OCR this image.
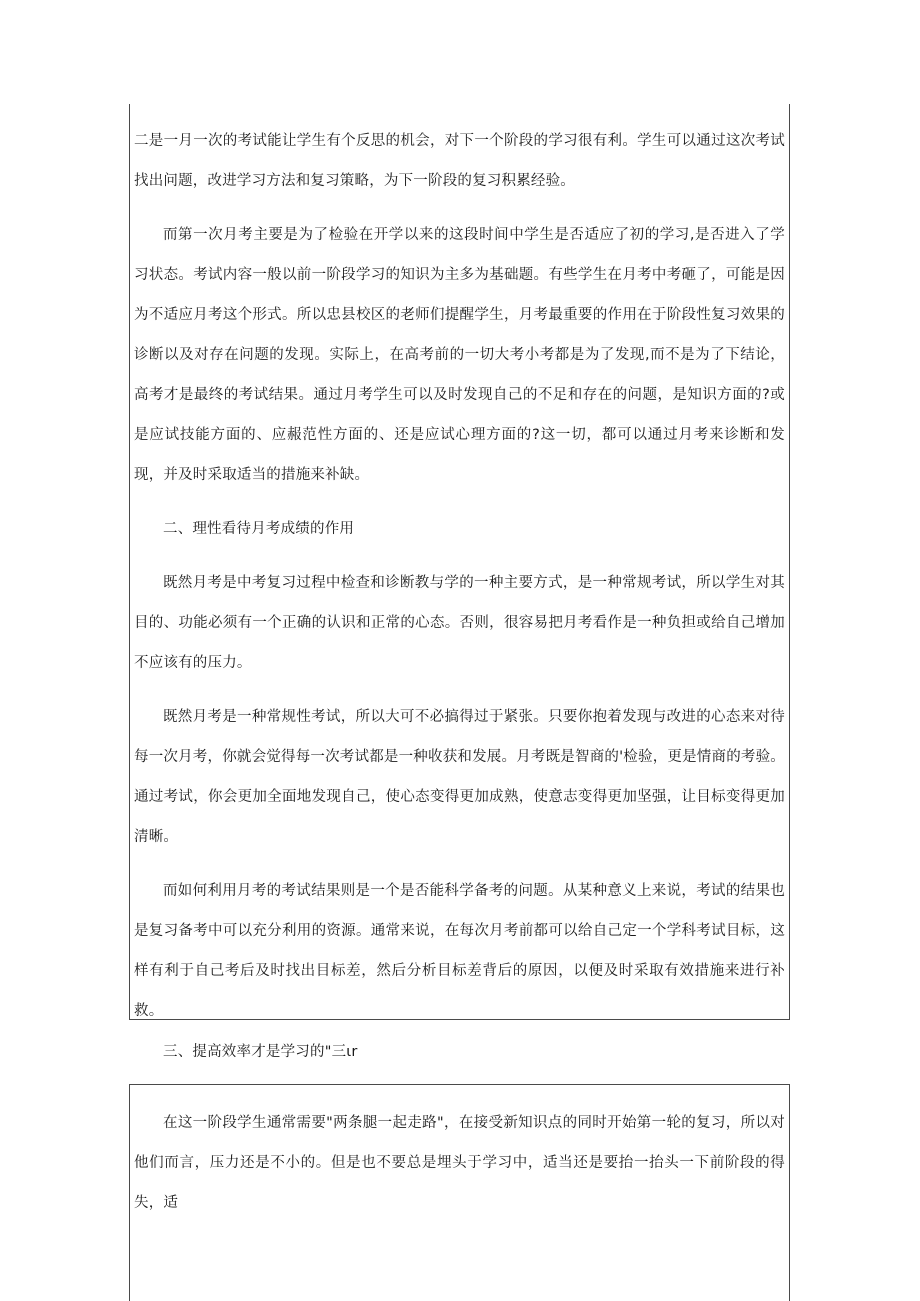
二是一月一次的考试能让学生有个反思的机会，对下一个阶段的学习很有利。学生可以通过这次考试找出问题，改进学习方法和复习策略，为下一阶段的复习积累经验。

而第一次月考主要是为了检验在开学以来的这段时间中学生是否适应了初的学习,是否进入了学习状态。考试内容一般以前一阶段学习的知识为主多为基础题。有些学生在月考中考砸了，可能是因为不适应月考这个形式。所以忠县校区的老师们提醒学生，月考最重要的作用在于阶段性复习效果的诊断以及对存在问题的发现。实际上，在高考前的一切大考小考都是为了发现,而不是为了下结论，高考才是最终的考试结果。通过月考学生可以及时发现自己的不足和存在的问题，是知识方面的?或是应试技能方面的、应赧范性方面的、还是应试心理方面的?这一切，都可以通过月考来诊断和发现，并及时采取适当的措施来补缺。

二、理性看待月考成绩的作用

既然月考是中考复习过程中检查和诊断教与学的一种主要方式，是一种常规考试，所以学生对其目的、功能必须有一个正确的认识和正常的心态。否则，很容易把月考看作是一种负担或给自己增加不应该有的压力。

既然月考是一种常规性考试，所以大可不必搞得过于紧张。只要你抱着发现与改进的心态来对待每一次月考，你就会觉得每一次考试都是一种收获和发展。月考既是智商的'检验，更是情商的考验。通过考试，你会更加全面地发现自己，使心态变得更加成熟，使意志变得更加坚强，让目标变得更加清晰。

而如何利用月考的考试结果则是一个是否能科学备考的问题。从某种意义上来说，考试的结果也是复习备考中可以充分利用的资源。通常来说，在每次月考前都可以给自己定一个学科考试目标，这样有利于自己考后及时找出目标差，然后分析目标差背后的原因，以便及时采取有效措施来进行补救。

三、提高效率才是学习的"三ιr

在这一阶段学生通常需要"两条腿一起走路"，在接受新知识点的同时开始第一轮的复习，所以对他们而言，压力还是不小的。但是也不要总是埋头于学习中，适当还是要抬一抬头一下前阶段的得失，适
